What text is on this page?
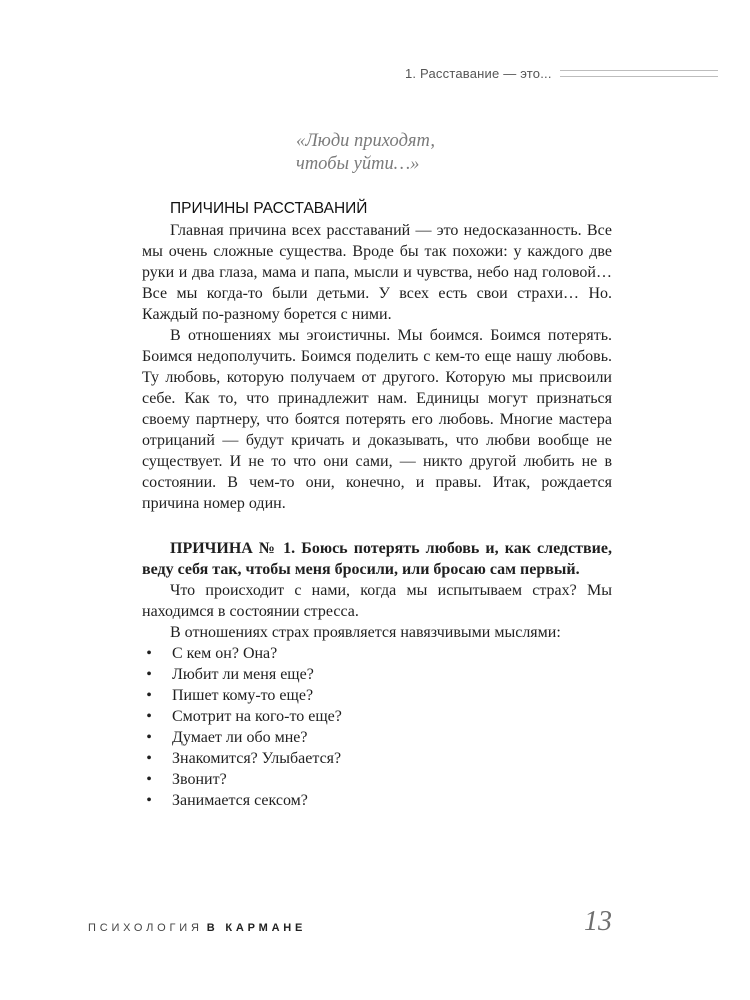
1. Расставание — это...
«Люди приходят,
чтобы уйти…»
ПРИЧИНЫ РАССТАВАНИЙ

Главная причина всех расставаний — это недосказанность. Все мы очень сложные существа. Вроде бы так похожи: у каждого две руки и два глаза, мама и папа, мысли и чувства, небо над головой… Все мы когда-то были детьми. У всех есть свои страхи… Но. Каждый по-разному борется с ними.

В отношениях мы эгоистичны. Мы боимся. Боимся потерять. Боимся недополучить. Боимся поделить с кем-то еще нашу любовь. Ту любовь, которую получаем от другого. Которую мы присвоили себе. Как то, что принадлежит нам. Единицы могут признаться своему партнеру, что боятся потерять его любовь. Многие мастера отрицаний — будут кричать и доказывать, что любви вообще не существует. И не то что они сами, — никто другой любить не в состоянии. В чем-то они, конечно, и правы. Итак, рождается причина номер один.

ПРИЧИНА № 1. Боюсь потерять любовь и, как следствие, веду себя так, чтобы меня бросили, или бросаю сам первый.

Что происходит с нами, когда мы испытываем страх? Мы находимся в состоянии стресса.

В отношениях страх проявляется навязчивыми мыслями:

• С кем он? Она?
• Любит ли меня еще?
• Пишет кому-то еще?
• Смотрит на кого-то еще?
• Думает ли обо мне?
• Знакомится? Улыбается?
• Звонит?
• Занимается сексом?
ПСИХОЛОГИЯ В КАРМАНЕ	13
